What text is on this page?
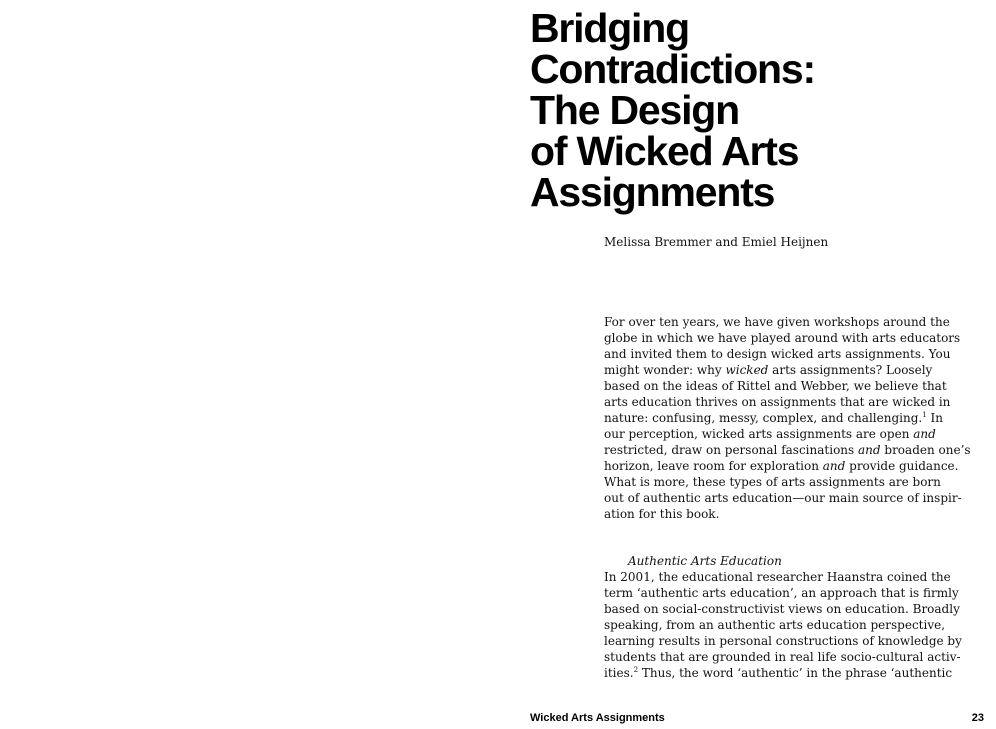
Bridging
Contradictions:
The Design
of Wicked Arts
Assignments

Melissa Bremmer and Emiel Heijnen

For over ten years, we have given workshops around the
globe in which we have played around with arts educators
and invited them to design wicked arts assignments. You
might wonder: why wicked arts assignments? Loosely
based on the ideas of Rittel and Webber, we believe that
arts education thrives on assignments that are wicked in
nature: confusing, messy, complex, and challenging.$^1$ In
our perception, wicked arts assignments are open and
restricted, draw on personal fascinations and broaden one’s
horizon, leave room for exploration and provide guidance.
What is more, these types of arts assignments are born
out of authentic arts education—our main source of inspir-
ation for this book.

Authentic Arts Education

In 2001, the educational researcher Haanstra coined the
term ‘authentic arts education’, an approach that is firmly
based on social-constructivist views on education. Broadly
speaking, from an authentic arts education perspective,
learning results in personal constructions of knowledge by
students that are grounded in real life socio-cultural activ-
ities.$^2$ Thus, the word ‘authentic’ in the phrase ‘authentic

Wicked Arts Assignments	23
